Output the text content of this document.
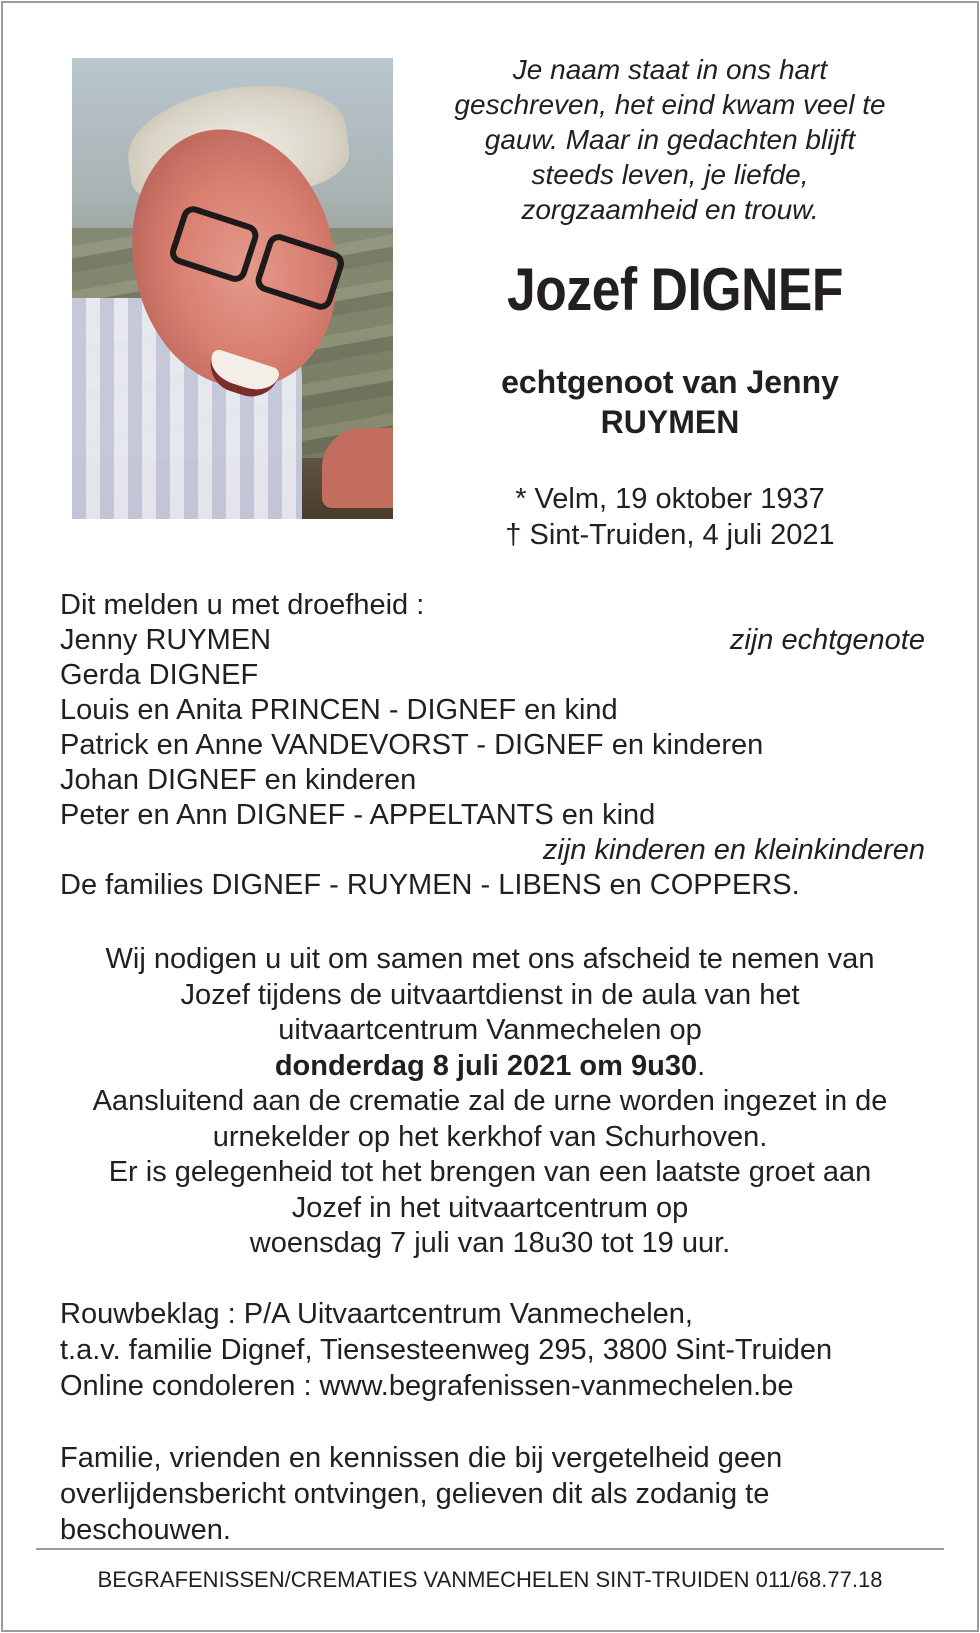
Je naam staat in ons hart
geschreven, het eind kwam veel te
gauw. Maar in gedachten blijft
steeds leven, je liefde,
zorgzaamheid en trouw.
Jozef DIGNEF
echtgenoot van Jenny
RUYMEN
* Velm, 19 oktober 1937
† Sint-Truiden, 4 juli 2021
Dit melden u met droefheid :
Jenny RUYMEN	zijn echtgenote
Gerda DIGNEF
Louis en Anita PRINCEN - DIGNEF en kind
Patrick en Anne VANDEVORST - DIGNEF en kinderen
Johan DIGNEF en kinderen
Peter en Ann DIGNEF - APPELTANTS en kind
zijn kinderen en kleinkinderen
De families DIGNEF - RUYMEN - LIBENS en COPPERS.
Wij nodigen u uit om samen met ons afscheid te nemen van
Jozef tijdens de uitvaartdienst in de aula van het
uitvaartcentrum Vanmechelen op
donderdag 8 juli 2021 om 9u30.
Aansluitend aan de crematie zal de urne worden ingezet in de
urnekelder op het kerkhof van Schurhoven.
Er is gelegenheid tot het brengen van een laatste groet aan
Jozef in het uitvaartcentrum op
woensdag 7 juli van 18u30 tot 19 uur.
Rouwbeklag : P/A Uitvaartcentrum Vanmechelen,
t.a.v. familie Dignef, Tiensesteenweg 295, 3800 Sint-Truiden
Online condoleren : www.begrafenissen-vanmechelen.be
Familie, vrienden en kennissen die bij vergetelheid geen
overlijdensbericht ontvingen, gelieven dit als zodanig te
beschouwen.
BEGRAFENISSEN/CREMATIES VANMECHELEN SINT-TRUIDEN 011/68.77.18
